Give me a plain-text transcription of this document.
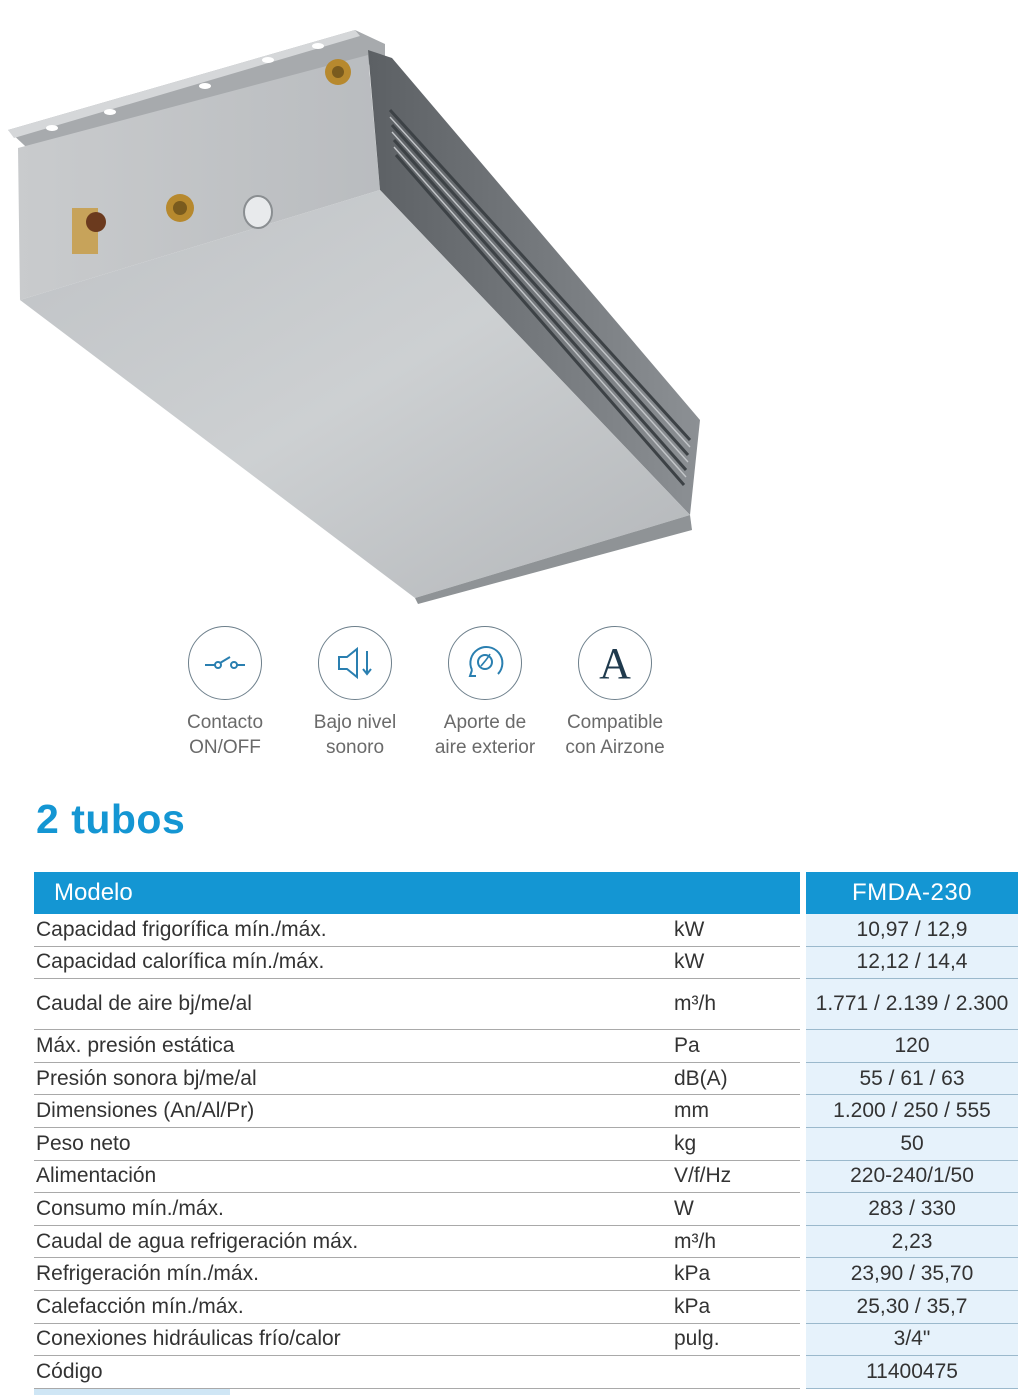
Contacto
ON/OFF
Bajo nivel
sonoro
Aporte de
aire exterior
A
Compatible
con Airzone
2 tubos
Modelo			FMDA-230
Capacidad frigorífica mín./máx.	kW		10,97 / 12,9
Capacidad calorífica mín./máx.	kW		12,12 / 14,4
Caudal de aire bj/me/al	m³/h		1.771 / 2.139 / 2.300
Máx. presión estática	Pa		120
Presión sonora bj/me/al	dB(A)		55 / 61 / 63
Dimensiones (An/Al/Pr)	mm		1.200 / 250 / 555
Peso neto	kg		50
Alimentación	V/f/Hz		220-240/1/50
Consumo mín./máx.	W		283 / 330
Caudal de agua refrigeración máx.	m³/h		2,23
Refrigeración mín./máx.	kPa		23,90 / 35,70
Calefacción mín./máx.	kPa		25,30 / 35,7
Conexiones hidráulicas frío/calor	pulg.		3/4"
Código			11400475
